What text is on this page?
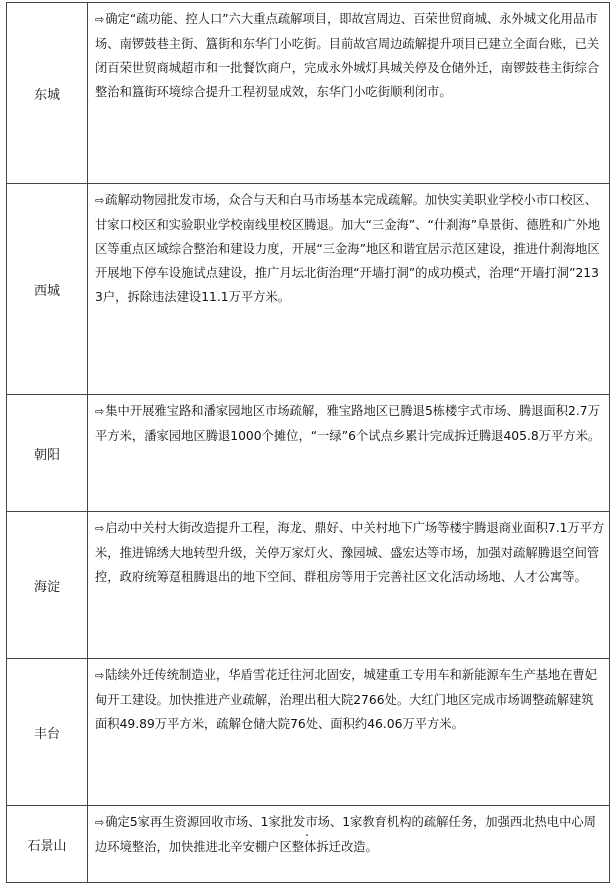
东城	⇨确定“疏功能、控人口”六大重点疏解项目，即故宫周边、百荣世贸商城、永外城文化用品市场、南锣鼓巷主街、簋街和东华门小吃街。目前故宫周边疏解提升项目已建立全面台账，已关闭百荣世贸商城超市和一批餐饮商户，完成永外城灯具城关停及仓储外迁，南锣鼓巷主街综合整治和簋街环境综合提升工程初显成效，东华门小吃街顺利闭市。
西城	⇨疏解动物园批发市场，众合与天和白马市场基本完成疏解。加快实美职业学校小市口校区、甘家口校区和实验职业学校南线里校区腾退。加大“三金海”、“什刹海”阜景街、德胜和广外地区等重点区域综合整治和建设力度，开展“三金海”地区和谐宜居示范区建设，推进什刹海地区开展地下停车设施试点建设，推广月坛北街治理“开墙打洞”的成功模式，治理“开墙打洞”2133户，拆除违法建设11.1万平方米。
朝阳	⇨集中开展雅宝路和潘家园地区市场疏解，雅宝路地区已腾退5栋楼宇式市场、腾退面积2.7万平方米，潘家园地区腾退1000个摊位，“一绿”6个试点乡累计完成拆迁腾退405.8万平方米。
海淀	⇨启动中关村大街改造提升工程，海龙、鼎好、中关村地下广场等楼宇腾退商业面积7.1万平方米，推进锦绣大地转型升级，关停万家灯火、豫园城、盛宏达等市场，加强对疏解腾退空间管控，政府统筹趸租腾退出的地下空间、群租房等用于完善社区文化活动场地、人才公寓等。
丰台	⇨陆续外迁传统制造业，华盾雪花迁往河北固安，城建重工专用车和新能源车生产基地在曹妃甸开工建设。加快推进产业疏解，治理出租大院2766处。大红门地区完成市场调整疏解建筑面积49.89万平方米，疏解仓储大院76处、面积约46.06万平方米。
石景山	⇨确定5家再生资源回收市场、1家批发市场、1家教育机构的疏解任务，加强西北热电中心周边环境整治，加快推进北辛安棚户区整体拆迁改造。
